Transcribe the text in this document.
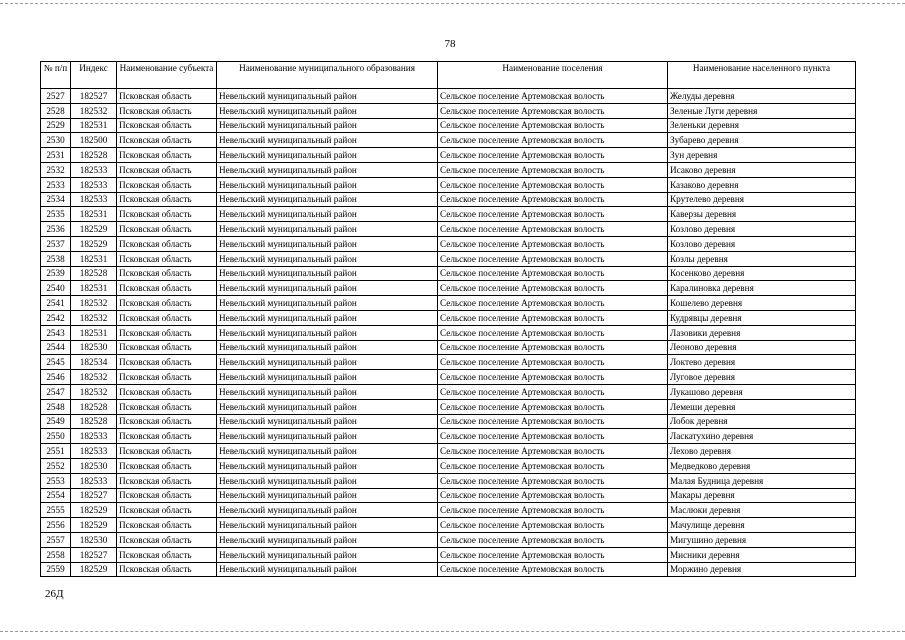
78
№ п/п	Индекс	Наименование субъекта	Наименование муниципального образования	Наименование поселения	Наименование населенного пункта
2527	182527	Псковская область	Невельский муниципальный район	Сельское поселение Артемовская волость	Желуды деревня
2528	182532	Псковская область	Невельский муниципальный район	Сельское поселение Артемовская волость	Зеленые Луги деревня
2529	182531	Псковская область	Невельский муниципальный район	Сельское поселение Артемовская волость	Зеленьки деревня
2530	182500	Псковская область	Невельский муниципальный район	Сельское поселение Артемовская волость	Зубарево деревня
2531	182528	Псковская область	Невельский муниципальный район	Сельское поселение Артемовская волость	Зун деревня
2532	182533	Псковская область	Невельский муниципальный район	Сельское поселение Артемовская волость	Исаково деревня
2533	182533	Псковская область	Невельский муниципальный район	Сельское поселение Артемовская волость	Казаково деревня
2534	182533	Псковская область	Невельский муниципальный район	Сельское поселение Артемовская волость	Крутелево деревня
2535	182531	Псковская область	Невельский муниципальный район	Сельское поселение Артемовская волость	Каверзы деревня
2536	182529	Псковская область	Невельский муниципальный район	Сельское поселение Артемовская волость	Козлово деревня
2537	182529	Псковская область	Невельский муниципальный район	Сельское поселение Артемовская волость	Козлово деревня
2538	182531	Псковская область	Невельский муниципальный район	Сельское поселение Артемовская волость	Козлы деревня
2539	182528	Псковская область	Невельский муниципальный район	Сельское поселение Артемовская волость	Косенково деревня
2540	182531	Псковская область	Невельский муниципальный район	Сельское поселение Артемовская волость	Каралиновка деревня
2541	182532	Псковская область	Невельский муниципальный район	Сельское поселение Артемовская волость	Кошелево деревня
2542	182532	Псковская область	Невельский муниципальный район	Сельское поселение Артемовская волость	Кудрявцы деревня
2543	182531	Псковская область	Невельский муниципальный район	Сельское поселение Артемовская волость	Лазовики деревня
2544	182530	Псковская область	Невельский муниципальный район	Сельское поселение Артемовская волость	Леоново деревня
2545	182534	Псковская область	Невельский муниципальный район	Сельское поселение Артемовская волость	Локтево деревня
2546	182532	Псковская область	Невельский муниципальный район	Сельское поселение Артемовская волость	Луговое деревня
2547	182532	Псковская область	Невельский муниципальный район	Сельское поселение Артемовская волость	Лукашово деревня
2548	182528	Псковская область	Невельский муниципальный район	Сельское поселение Артемовская волость	Лемеши деревня
2549	182528	Псковская область	Невельский муниципальный район	Сельское поселение Артемовская волость	Лобок деревня
2550	182533	Псковская область	Невельский муниципальный район	Сельское поселение Артемовская волость	Ласкатухино деревня
2551	182533	Псковская область	Невельский муниципальный район	Сельское поселение Артемовская волость	Лехово деревня
2552	182530	Псковская область	Невельский муниципальный район	Сельское поселение Артемовская волость	Медведково деревня
2553	182533	Псковская область	Невельский муниципальный район	Сельское поселение Артемовская волость	Малая Будница деревня
2554	182527	Псковская область	Невельский муниципальный район	Сельское поселение Артемовская волость	Макары деревня
2555	182529	Псковская область	Невельский муниципальный район	Сельское поселение Артемовская волость	Маслюки деревня
2556	182529	Псковская область	Невельский муниципальный район	Сельское поселение Артемовская волость	Мачулище деревня
2557	182530	Псковская область	Невельский муниципальный район	Сельское поселение Артемовская волость	Мигушино деревня
2558	182527	Псковская область	Невельский муниципальный район	Сельское поселение Артемовская волость	Мисники деревня
2559	182529	Псковская область	Невельский муниципальный район	Сельское поселение Артемовская волость	Моржино деревня
26Д
